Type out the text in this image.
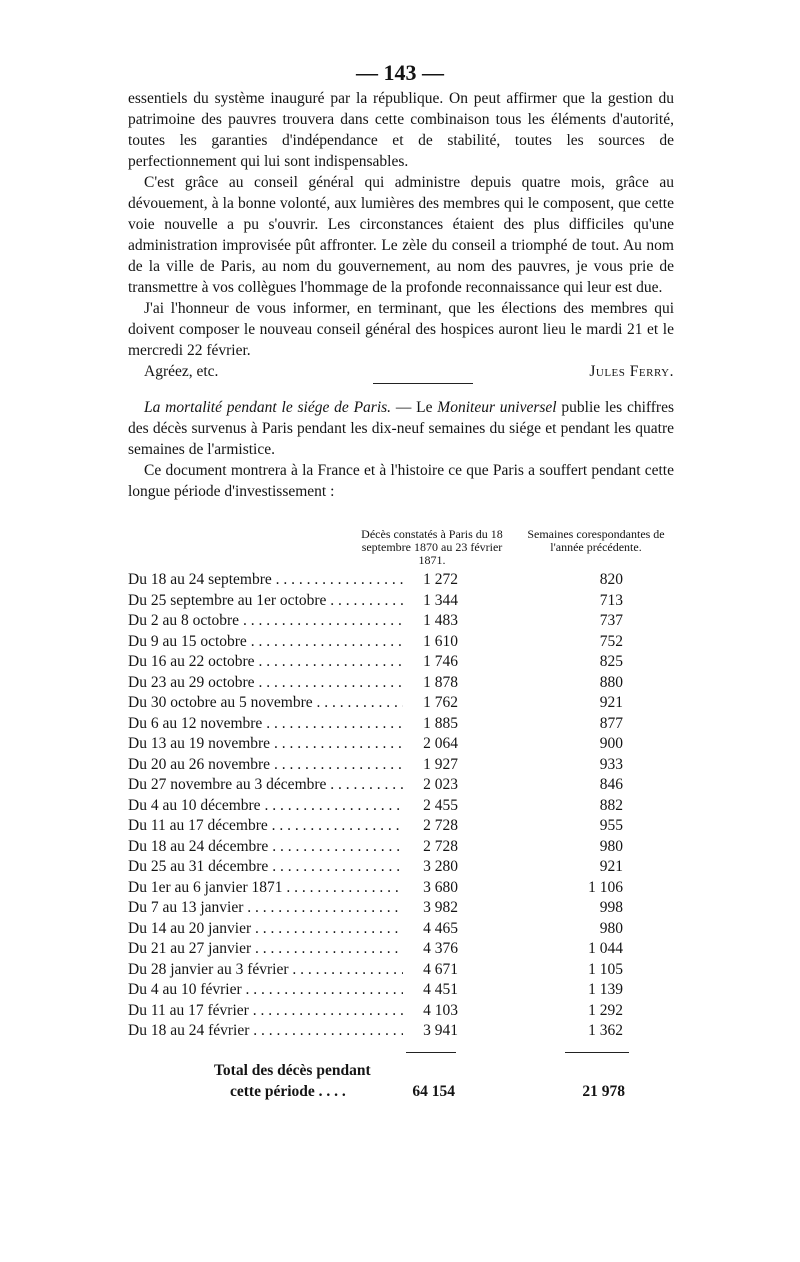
— 143 —

essentiels du système inauguré par la république. On peut affirmer que la gestion du patrimoine des pauvres trouvera dans cette combinaison tous les éléments d'autorité, toutes les garanties d'indépendance et de stabilité, toutes les sources de perfectionnement qui lui sont indispensables.

C'est grâce au conseil général qui administre depuis quatre mois, grâce au dévouement, à la bonne volonté, aux lumières des membres qui le composent, que cette voie nouvelle a pu s'ouvrir. Les circonstances étaient des plus difficiles qu'une administration improvisée pût affronter. Le zèle du conseil a triomphé de tout. Au nom de la ville de Paris, au nom du gouvernement, au nom des pauvres, je vous prie de transmettre à vos collègues l'hommage de la profonde reconnaissance qui leur est due.

J'ai l'honneur de vous informer, en terminant, que les élections des membres qui doivent composer le nouveau conseil général des hospices auront lieu le mardi 21 et le mercredi 22 février.

Agréez, etc.	Jules Ferry.

La mortalité pendant le siége de Paris. — Le Moniteur universel publie les chiffres des décès survenus à Paris pendant les dix-neuf semaines du siége et pendant les quatre semaines de l'armistice.

Ce document montrera à la France et à l'histoire ce que Paris a souffert pendant cette longue période d'investissement :

Décès constatés à Paris du 18 septembre 1870 au 23 février 1871.
Semaines corespondantes de l'année précédente.
Du 18 au 24 septembre . . .	1 272	820
Du 25 septembre au 1er octobre . . .	1 344	713
Du 2 au 8 octobre . . .	1 483	737
Du 9 au 15 octobre . . .	1 610	752
Du 16 au 22 octobre . . .	1 746	825
Du 23 au 29 octobre . . .	1 878	880
Du 30 octobre au 5 novembre . . .	1 762	921
Du 6 au 12 novembre . . .	1 885	877
Du 13 au 19 novembre . . .	2 064	900
Du 20 au 26 novembre . . .	1 927	933
Du 27 novembre au 3 décembre . . .	2 023	846
Du 4 au 10 décembre . . .	2 455	882
Du 11 au 17 décembre . . .	2 728	955
Du 18 au 24 décembre . . .	2 728	980
Du 25 au 31 décembre . . .	3 280	921
Du 1er au 6 janvier 1871 . . .	3 680	1 106
Du 7 au 13 janvier . . .	3 982	998
Du 14 au 20 janvier . . .	4 465	980
Du 21 au 27 janvier . . .	4 376	1 044
Du 28 janvier au 3 février . . .	4 671	1 105
Du 4 au 10 février . . .	4 451	1 139
Du 11 au 17 février . . .	4 103	1 292
Du 18 au 24 février . . .	3 941	1 362
Total des décès pendant
cette période . . . .	64 154	21 978
